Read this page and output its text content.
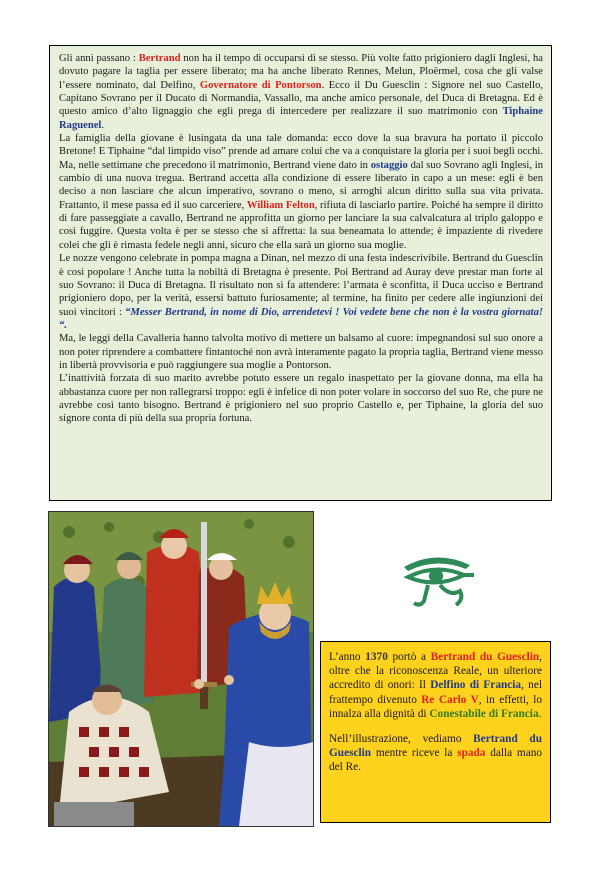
Gli anni passano : Bertrand non ha il tempo di occuparsi di se stesso. Più volte fatto prigioniero dagli Inglesi, ha dovuto pagare la taglia per essere liberato; ma ha anche liberato Rennes, Melun, Ploërmel, cosa che gli valse l’essere nominato, dal Delfino, Governatore di Pontorson. Ecco il Du Guesclin : Signore nel suo Castello, Capitano Sovrano per il Ducato di Normandia, Vassallo, ma anche amico personale, del Duca di Bretagna. Ed è questo amico d’alto lignaggio che egli prega di intercedere per realizzare il suo matrimonio con Tiphaine Raguenel.

La famiglia della giovane è lusingata da una tale domanda: ecco dove la sua bravura ha portato il piccolo Bretone! E Tiphaine “dal limpido viso” prende ad amare colui che va a conquistare la gloria per i suoi begli occhi. Ma, nelle settimane che precedono il matrimonio, Bertrand viene dato in ostaggio dal suo Sovrano agli Inglesi, in cambio di una nuova tregua. Bertrand accetta alla condizione di essere liberato in capo a un mese: egli è ben deciso a non lasciare che alcun imperativo, sovrano o meno, si arroghi alcun diritto sulla sua vita privata. Frattanto, il mese passa ed il suo carceriere, William Felton, rifiuta di lasciarlo partire. Poiché ha sempre il diritto di fare passeggiate a cavallo, Bertrand ne approfitta un giorno per lanciare la sua calvalcatura al triplo galoppo e così fuggire. Questa volta è per se stesso che si affretta: la sua beneamata lo attende; è impaziente di rivedere colei che gli è rimasta fedele negli anni, sicuro che ella sarà un giorno sua moglie.

Le nozze vengono celebrate in pompa magna a Dinan, nel mezzo di una festa indescrivibile. Bertrand du Guesclin è così popolare ! Anche tutta la nobiltà di Bretagna è presente. Poi Bertrand ad Auray deve prestar man forte al suo Sovrano: il Duca di Bretagna. Il risultato non si fa attendere: l’armata è sconfitta, il Duca ucciso e Bertrand prigioniero dopo, per la verità, essersi battuto furiosamente; al termine, ha finito per cedere alle ingiunzioni dei suoi vincitori : “Messer Bertrand, in nome di Dio, arrendetevi ! Voi vedete bene che non è la vostra giornata! “.

Ma, le leggi della Cavalleria hanno talvolta motivo di mettere un balsamo al cuore: impegnandosi sul suo onore a non poter riprendere a combattere fintantoché non avrà interamente pagato la propria taglia, Bertrand viene messo in libertà provvisoria e può raggiungere sua moglie a Pontorson.

L’inattività forzata di suo marito avrebbe potuto essere un regalo inaspettato per la giovane donna, ma ella ha abbastanza cuore per non rallegrarsi troppo: egli è infelice di non poter volare in soccorso del suo Re, che pure ne avrebbe così tanto bisogno. Bertrand è prigioniero nel suo proprio Castello e, per Tiphaine, la gloria del suo signore conta di più della sua propria fortuna.

L’anno 1370 portò a Bertrand du Guesclin, oltre che la riconoscenza Reale, un ulteriore accredito di onori: Il Delfino di Francia, nel frattempo divenuto Re Carlo V, in effetti, lo innalza alla dignità di Conestabile di Francia.

Nell’illustrazione, vediamo Bertrand du Guesclin mentre riceve la spada dalla mano del Re.
